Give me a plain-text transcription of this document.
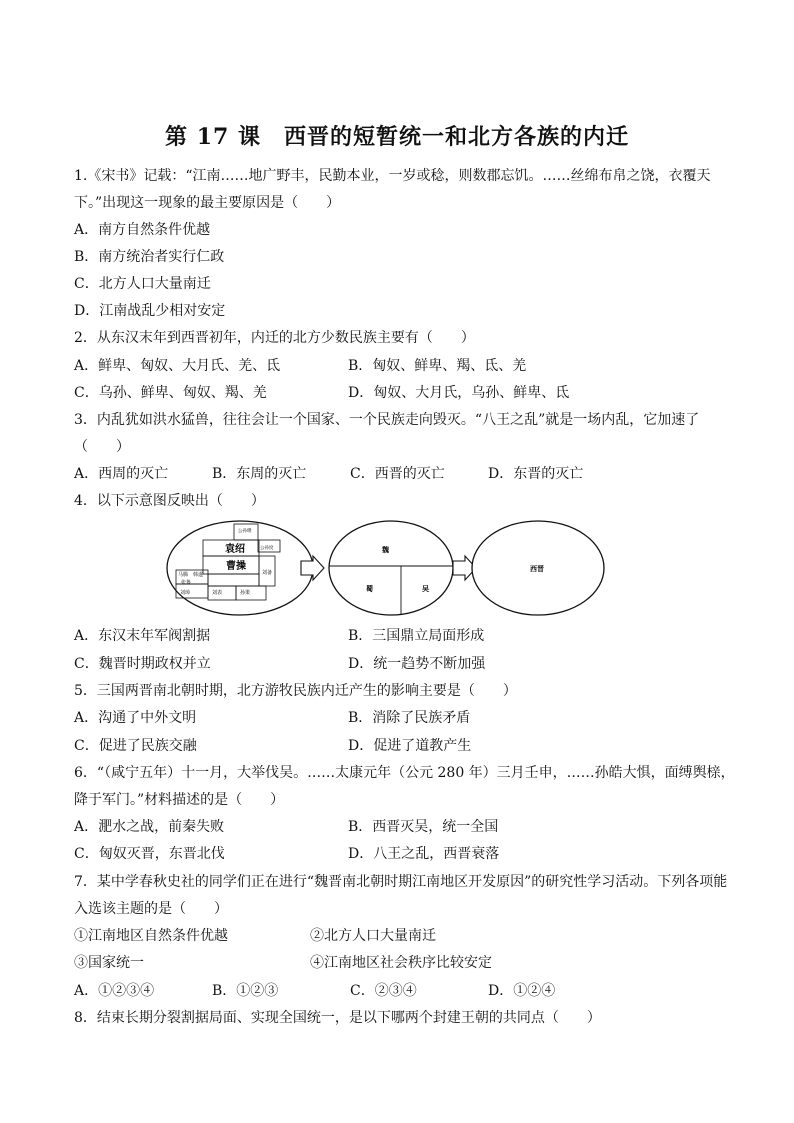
第 17 课　西晋的短暂统一和北方各族的内迁
1.《宋书》记载：“江南……地广野丰，民勤本业，一岁或稔，则数郡忘饥。……丝绵布帛之饶，衣覆天
下。”出现这一现象的最主要原因是（　　）
A．南方自然条件优越
B．南方统治者实行仁政
C．北方人口大量南迁
D．江南战乱少相对安定
2．从东汉末年到西晋初年，内迁的北方少数民族主要有（　　）
A．鲜卑、匈奴、大月氏、羌、氐	B．匈奴、鲜卑、羯、氐、羌
C．乌孙、鲜卑、匈奴、羯、羌	D．匈奴、大月氏，乌孙、鲜卑、氐
3．内乱犹如洪水猛兽，往往会让一个国家、一个民族走向毁灭。“八王之乱”就是一场内乱，它加速了
（　　）
A．西周的灭亡	B．东周的灭亡	C．西晋的灭亡	D．东晋的灭亡
4．以下示意图反映出（　　）
袁绍
曹操
公孙瓒
公孙度
马腾 韩遂
张鲁
刘璋	刘表	孙策
刘备
魏
蜀	吴
西晋
A．东汉末年军阀割据	B．三国鼎立局面形成
C．魏晋时期政权并立	D．统一趋势不断加强
5．三国两晋南北朝时期，北方游牧民族内迁产生的影响主要是（　　）
A．沟通了中外文明	B．消除了民族矛盾
C．促进了民族交融	D．促进了道教产生
6．“（咸宁五年）十一月，大举伐吴。……太康元年（公元 280 年）三月壬申，……孙皓大惧，面缚舆榇，
降于军门。”材料描述的是（　　）
A．淝水之战，前秦失败	B．西晋灭吴，统一全国
C．匈奴灭晋，东晋北伐	D．八王之乱，西晋衰落
7．某中学春秋史社的同学们正在进行“魏晋南北朝时期江南地区开发原因”的研究性学习活动。下列各项能
入选该主题的是（　　）
①江南地区自然条件优越	②北方人口大量南迁
③国家统一	④江南地区社会秩序比较安定
A．①②③④	B．①②③	C．②③④	D．①②④
8．结束长期分裂割据局面、实现全国统一，是以下哪两个封建王朝的共同点（　　）
